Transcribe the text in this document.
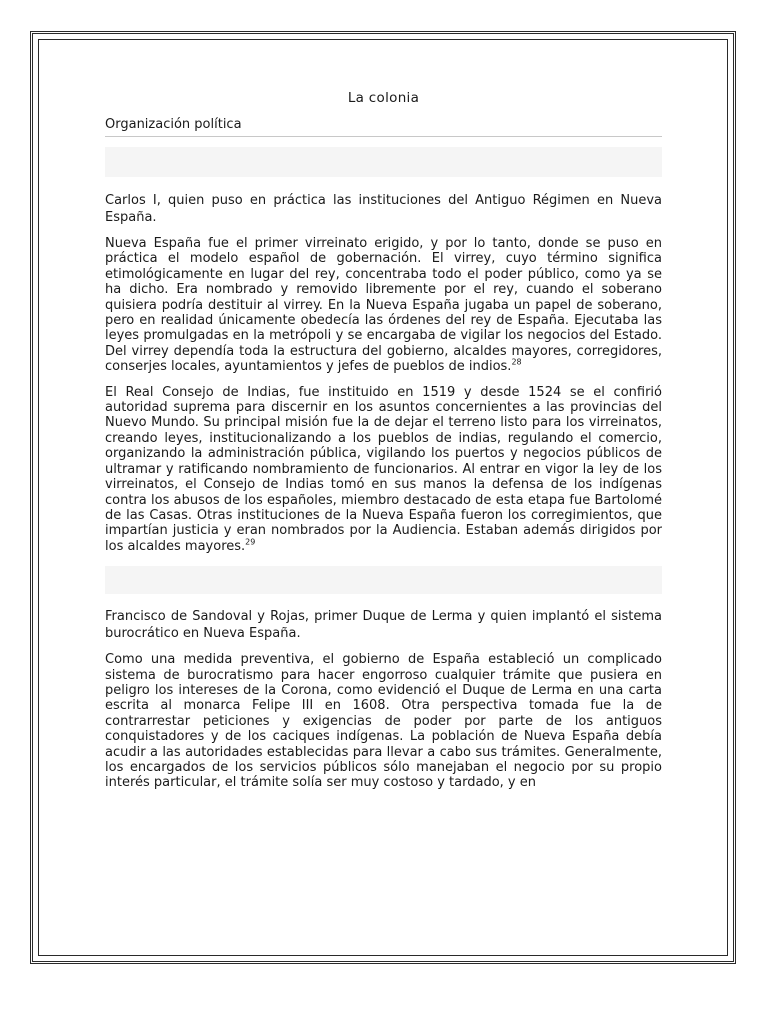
La colonia
Organización política

Carlos I, quien puso en práctica las instituciones del Antiguo Régimen en Nueva España.

Nueva España fue el primer virreinato erigido, y por lo tanto, donde se puso en práctica el modelo español de gobernación. El virrey, cuyo término significa etimológicamente en lugar del rey, concentraba todo el poder público, como ya se ha dicho. Era nombrado y removido libremente por el rey, cuando el soberano quisiera podría destituir al virrey. En la Nueva España jugaba un papel de soberano, pero en realidad únicamente obedecía las órdenes del rey de España. Ejecutaba las leyes promulgadas en la metrópoli y se encargaba de vigilar los negocios del Estado. Del virrey dependía toda la estructura del gobierno, alcaldes mayores, corregidores, conserjes locales, ayuntamientos y jefes de pueblos de indios.$^{28}$

El Real Consejo de Indias, fue instituido en 1519 y desde 1524 se el confirió autoridad suprema para discernir en los asuntos concernientes a las provincias del Nuevo Mundo. Su principal misión fue la de dejar el terreno listo para los virreinatos, creando leyes, institucionalizando a los pueblos de indias, regulando el comercio, organizando la administración pública, vigilando los puertos y negocios públicos de ultramar y ratificando nombramiento de funcionarios. Al entrar en vigor la ley de los virreinatos, el Consejo de Indias tomó en sus manos la defensa de los indígenas contra los abusos de los españoles, miembro destacado de esta etapa fue Bartolomé de las Casas. Otras instituciones de la Nueva España fueron los corregimientos, que impartían justicia y eran nombrados por la Audiencia. Estaban además dirigidos por los alcaldes mayores.$^{29}$

Francisco de Sandoval y Rojas, primer Duque de Lerma y quien implantó el sistema burocrático en Nueva España.

Como una medida preventiva, el gobierno de España estableció un complicado sistema de burocratismo para hacer engorroso cualquier trámite que pusiera en peligro los intereses de la Corona, como evidenció el Duque de Lerma en una carta escrita al monarca Felipe III en 1608. Otra perspectiva tomada fue la de contrarrestar peticiones y exigencias de poder por parte de los antiguos conquistadores y de los caciques indígenas. La población de Nueva España debía acudir a las autoridades establecidas para llevar a cabo sus trámites. Generalmente, los encargados de los servicios públicos sólo manejaban el negocio por su propio interés particular, el trámite solía ser muy costoso y tardado, y en
